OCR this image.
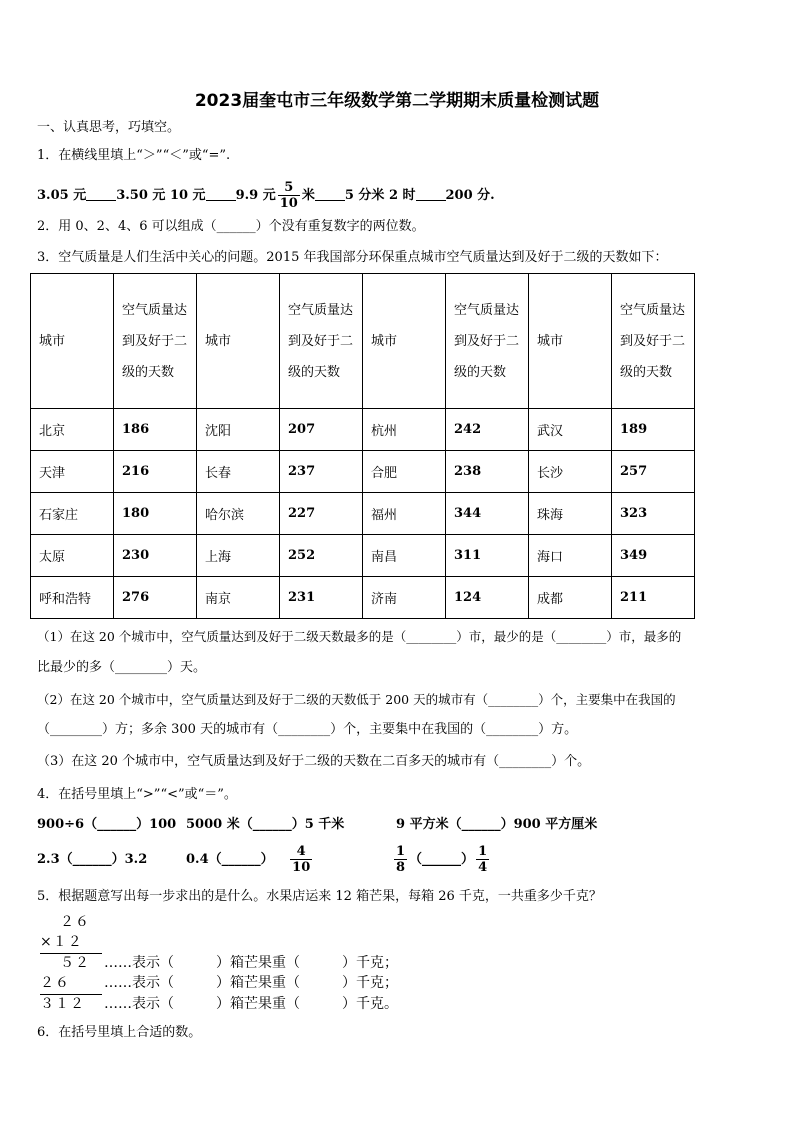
2023届奎屯市三年级数学第二学期期末质量检测试题
一、认真思考，巧填空。
1．在横线里填上“＞”“＜”或“=”.
3.05 元 3.50 元 10 元 9.9 元 $\frac{5}{10}$ 米 5 分米 2 时 200 分.
2．用 0、2、4、6 可以组成（______）个没有重复数字的两位数。
3．空气质量是人们生活中关心的问题。2015 年我国部分环保重点城市空气质量达到及好于二级的天数如下：
城市	空气质量达到及好于二级的天数	城市	空气质量达到及好于二级的天数	城市	空气质量达到及好于二级的天数	城市	空气质量达到及好于二级的天数
北京	186	沈阳	207	杭州	242	武汉	189
天津	216	长春	237	合肥	238	长沙	257
石家庄	180	哈尔滨	227	福州	344	珠海	323
太原	230	上海	252	南昌	311	海口	349
呼和浩特	276	南京	231	济南	124	成都	211
（1）在这 20 个城市中，空气质量达到及好于二级天数最多的是（________）市，最少的是（________）市，最多的
比最少的多（________）天。
（2）在这 20 个城市中，空气质量达到及好于二级的天数低于 200 天的城市有（________）个，主要集中在我国的
（________）方；多余 300 天的城市有（________）个，主要集中在我国的（________）方。
（3）在这 20 个城市中，空气质量达到及好于二级的天数在二百多天的城市有（________）个。
4．在括号里填上“>”“<”或“＝”。
900÷6（______）100 5000 米（______）5 千米	9 平方米（______）900 平方厘米
2.3（______）3.2	0.4（______） $\frac{4}{10}$	$\frac{1}{8}$ （______） $\frac{1}{4}$
5．根据题意写出每一步求出的是什么。水果店运来 12 箱芒果，每箱 26 千克，一共重多少千克？
２６
×１２
５２
２６
３１２
……表示（　　　）箱芒果重（　　　）千克；
……表示（　　　）箱芒果重（　　　）千克；
……表示（　　　）箱芒果重（　　　）千克。
6．在括号里填上合适的数。
